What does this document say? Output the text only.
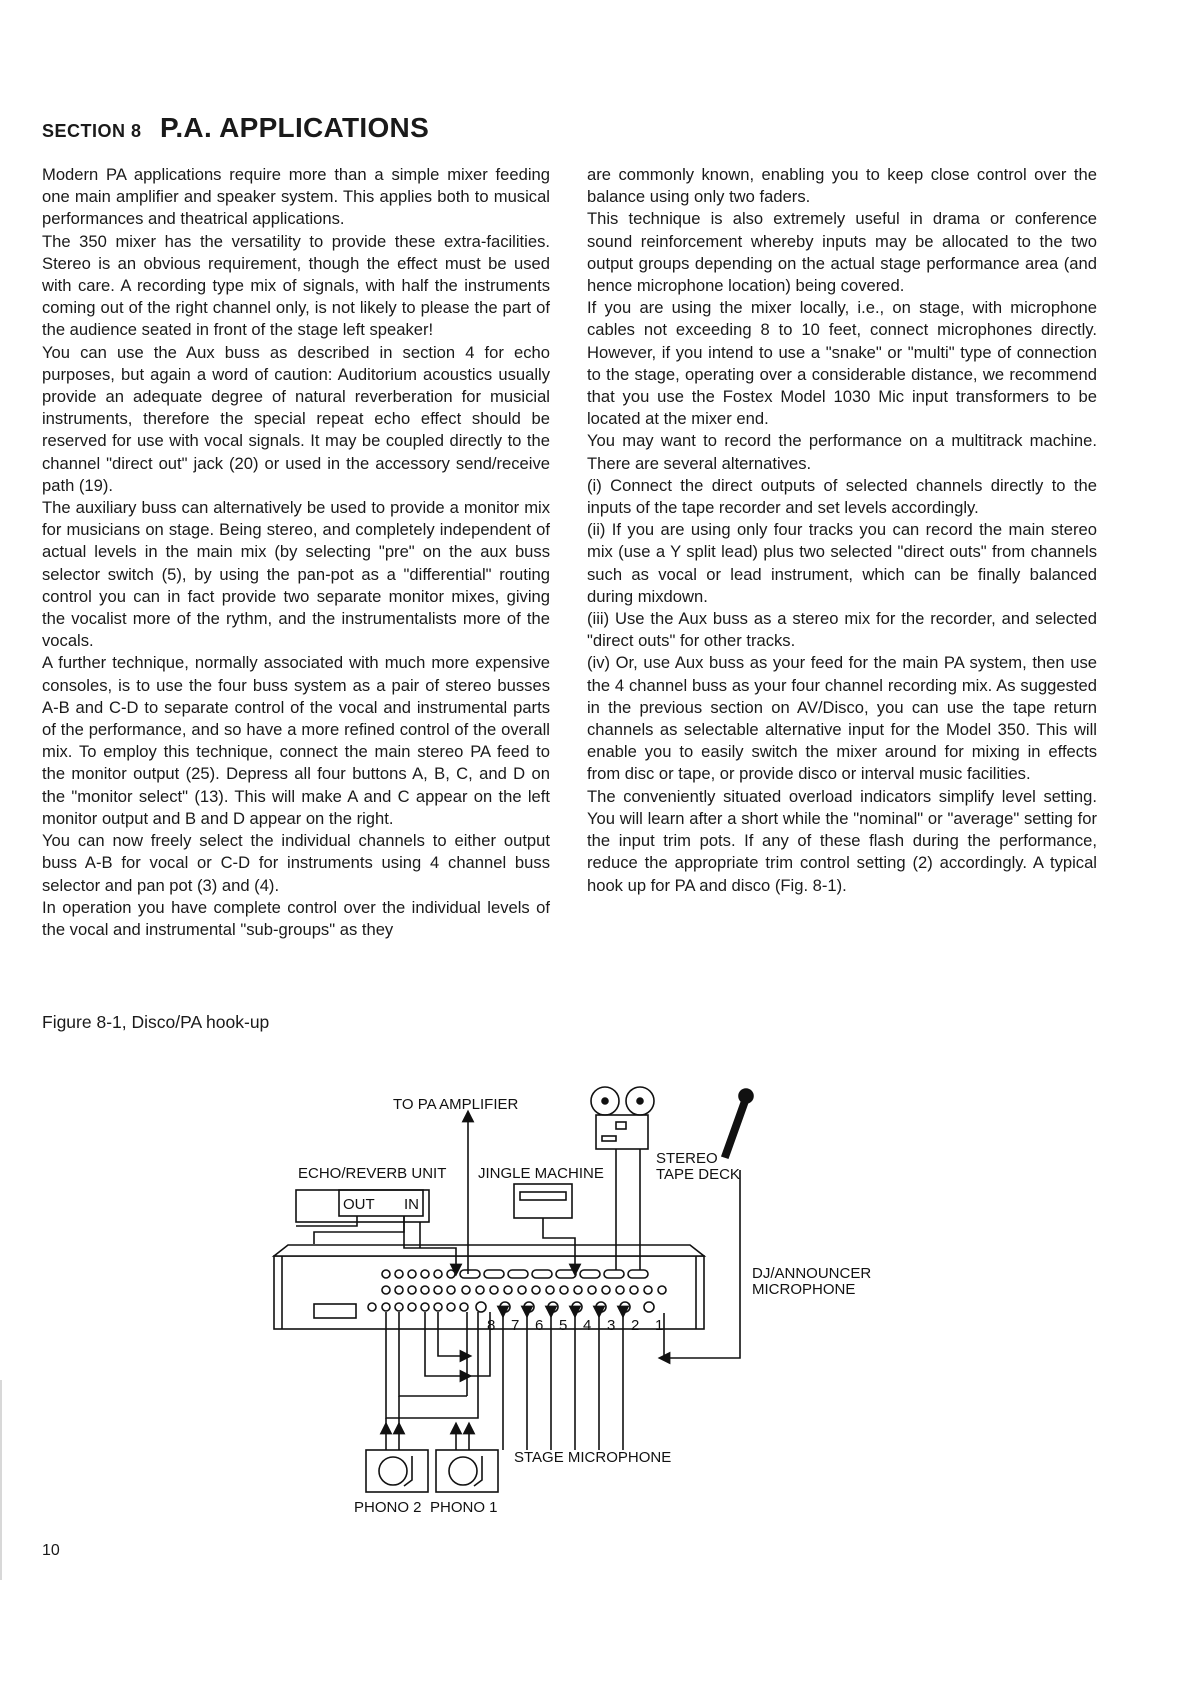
SECTION 8 P.A. APPLICATIONS

Modern PA applications require more than a simple mixer feeding one main amplifier and speaker system. This applies both to musical performances and theatrical applications.

The 350 mixer has the versatility to provide these extra-facilities. Stereo is an obvious requirement, though the effect must be used with care. A recording type mix of signals, with half the instruments coming out of the right channel only, is not likely to please the part of the audience seated in front of the stage left speaker!

You can use the Aux buss as described in section 4 for echo purposes, but again a word of caution: Auditorium acoustics usually provide an adequate degree of natural reverberation for musicial instruments, therefore the special repeat echo effect should be reserved for use with vocal signals. It may be coupled directly to the channel "direct out" jack (20) or used in the accessory send/receive path (19).

The auxiliary buss can alternatively be used to provide a monitor mix for musicians on stage. Being stereo, and completely independent of actual levels in the main mix (by selecting "pre" on the aux buss selector switch (5), by using the pan-pot as a "differential" routing control you can in fact provide two separate monitor mixes, giving the vocalist more of the rythm, and the instrumentalists more of the vocals.

A further technique, normally associated with much more expensive consoles, is to use the four buss system as a pair of stereo busses A-B and C-D to separate control of the vocal and instrumental parts of the performance, and so have a more refined control of the overall mix. To employ this technique, connect the main stereo PA feed to the monitor output (25). Depress all four buttons A, B, C, and D on the "monitor select" (13). This will make A and C appear on the left monitor output and B and D appear on the right.

You can now freely select the individual channels to either output buss A-B for vocal or C-D for instruments using 4 channel buss selector and pan pot (3) and (4).

In operation you have complete control over the individual levels of the vocal and instrumental "sub-groups" as they

are commonly known, enabling you to keep close control over the balance using only two faders.

This technique is also extremely useful in drama or conference sound reinforcement whereby inputs may be allocated to the two output groups depending on the actual stage performance area (and hence microphone location) being covered.

If you are using the mixer locally, i.e., on stage, with microphone cables not exceeding 8 to 10 feet, connect microphones directly. However, if you intend to use a "snake" or "multi" type of connection to the stage, operating over a considerable distance, we recommend that you use the Fostex Model 1030 Mic input transformers to be located at the mixer end.

You may want to record the performance on a multitrack machine. There are several alternatives.

(i) Connect the direct outputs of selected channels directly to the inputs of the tape recorder and set levels accordingly.

(ii) If you are using only four tracks you can record the main stereo mix (use a Y split lead) plus two selected "direct outs" from channels such as vocal or lead instrument, which can be finally balanced during mixdown.

(iii) Use the Aux buss as a stereo mix for the recorder, and selected "direct outs" for other tracks.

(iv) Or, use Aux buss as your feed for the main PA system, then use the 4 channel buss as your four channel recording mix. As suggested in the previous section on AV/Disco, you can use the tape return channels as selectable alternative input for the Model 350. This will enable you to easily switch the mixer around for mixing in effects from disc or tape, or provide disco or interval music facilities.

The conveniently situated overload indicators simplify level setting. You will learn after a short while the "nominal" or "average" setting for the input trim pots. If any of these flash during the performance, reduce the appropriate trim control setting (2) accordingly. A typical hook up for PA and disco (Fig. 8-1).

Figure 8-1, Disco/PA hook-up
TO PA AMPLIFIER
ECHO/REVERB UNIT
OUT IN
JINGLE MACHINE
STEREO
TAPE DECK
DJ/ANNOUNCER
MICROPHONE
STAGE MICROPHONE
PHONO 2 PHONO 1
8 7 6 5 4 3 2 1
10
